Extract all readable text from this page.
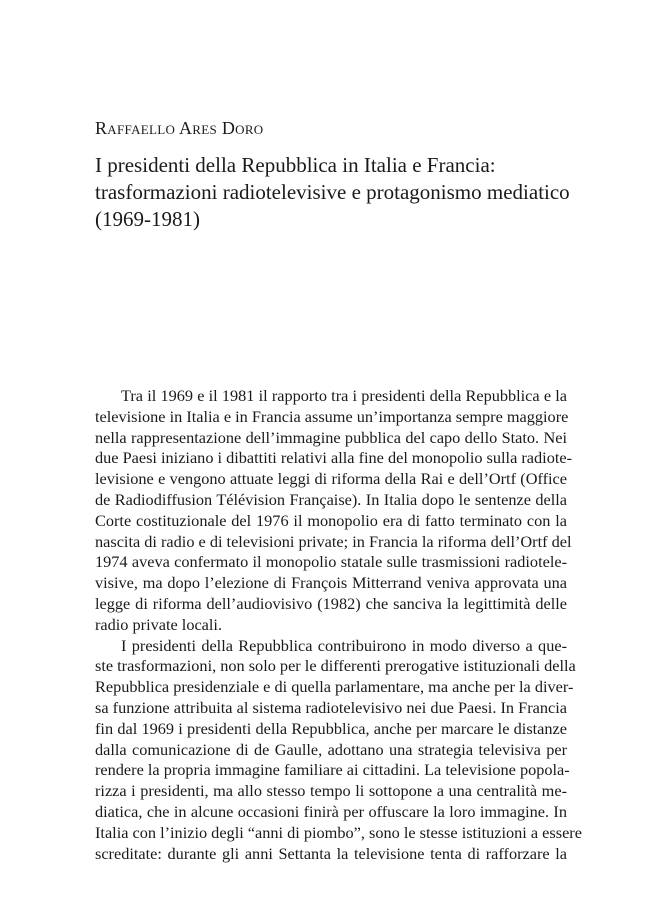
Raffaello Ares Doro
I presidenti della Repubblica in Italia e Francia:
trasformazioni radiotelevisive e protagonismo mediatico
(1969-1981)
Tra il 1969 e il 1981 il rapporto tra i presidenti della Repubblica e la
televisione in Italia e in Francia assume un’importanza sempre maggiore
nella rappresentazione dell’immagine pubblica del capo dello Stato. Nei
due Paesi iniziano i dibattiti relativi alla fine del monopolio sulla radiote-
levisione e vengono attuate leggi di riforma della Rai e dell’Ortf (Office
de Radiodiffusion Télévision Française). In Italia dopo le sentenze della
Corte costituzionale del 1976 il monopolio era di fatto terminato con la
nascita di radio e di televisioni private; in Francia la riforma dell’Ortf del
1974 aveva confermato il monopolio statale sulle trasmissioni radiotele-
visive, ma dopo l’elezione di François Mitterrand veniva approvata una
legge di riforma dell’audiovisivo (1982) che sanciva la legittimità delle
radio private locali.
I presidenti della Repubblica contribuirono in modo diverso a que-
ste trasformazioni, non solo per le differenti prerogative istituzionali della
Repubblica presidenziale e di quella parlamentare, ma anche per la diver-
sa funzione attribuita al sistema radiotelevisivo nei due Paesi. In Francia
fin dal 1969 i presidenti della Repubblica, anche per marcare le distanze
dalla comunicazione di de Gaulle, adottano una strategia televisiva per
rendere la propria immagine familiare ai cittadini. La televisione popola-
rizza i presidenti, ma allo stesso tempo li sottopone a una centralità me-
diatica, che in alcune occasioni finirà per offuscare la loro immagine. In
Italia con l’inizio degli “anni di piombo”, sono le stesse istituzioni a essere
screditate: durante gli anni Settanta la televisione tenta di rafforzare la
